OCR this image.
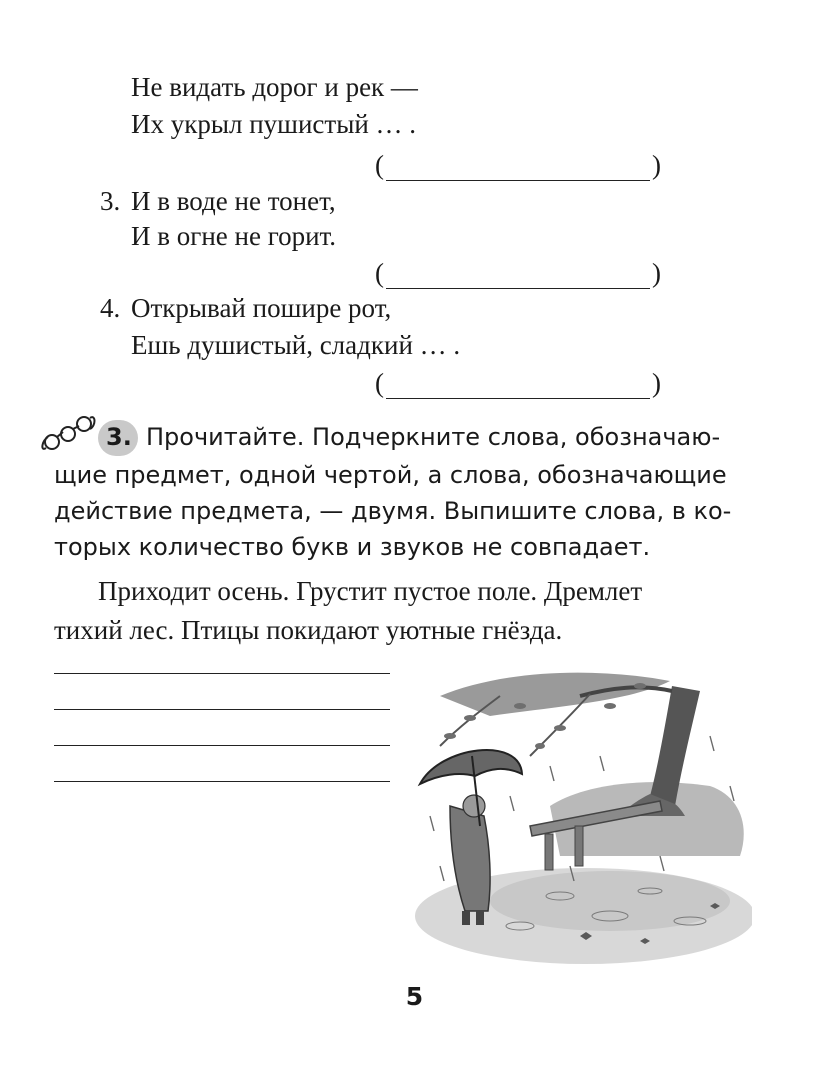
Не видать дорог и рек —
Их укрыл пушистый … .
(	)
3. И в воде не тонет,
И в огне не горит.
(	)
4. Открывай пошире рот,
Ешь душистый, сладкий … .
(	)
3. Прочитайте. Подчеркните слова, обозначаю-
щие предмет, одной чертой, а слова, обозначающие
действие предмета, — двумя. Выпишите слова, в ко-
торых количество букв и звуков не совпадает.
Приходит осень. Грустит пустое поле. Дремлет
тихий лес. Птицы покидают уютные гнёзда.
5
